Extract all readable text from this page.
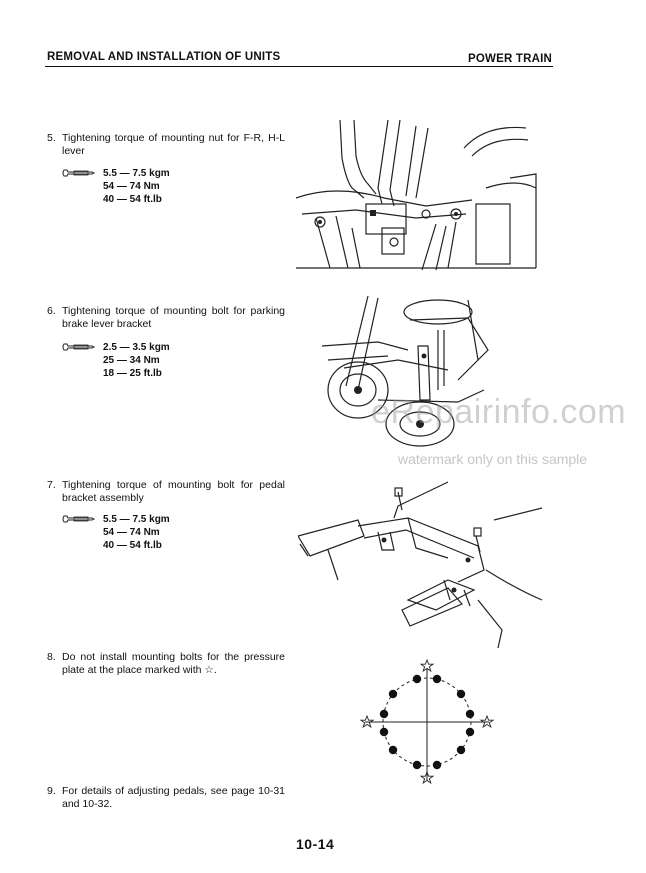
REMOVAL AND INSTALLATION OF UNITS	POWER TRAIN
5. Tightening torque of mounting nut for F-R, H-L lever
5.5 — 7.5 kgm
54 — 74 Nm
40 — 54 ft.lb
6. Tightening torque of mounting bolt for parking brake lever bracket
2.5 — 3.5 kgm
25 — 34 Nm
18 — 25 ft.lb
7. Tightening torque of mounting bolt for pedal bracket assembly
5.5 — 7.5 kgm
54 — 74 Nm
40 — 54 ft.lb
8. Do not install mounting bolts for the pressure plate at the place marked with ☆.
9. For details of adjusting pedals, see page 10-31 and 10-32.
eRepairinfo.com
watermark only on this sample
10-14
